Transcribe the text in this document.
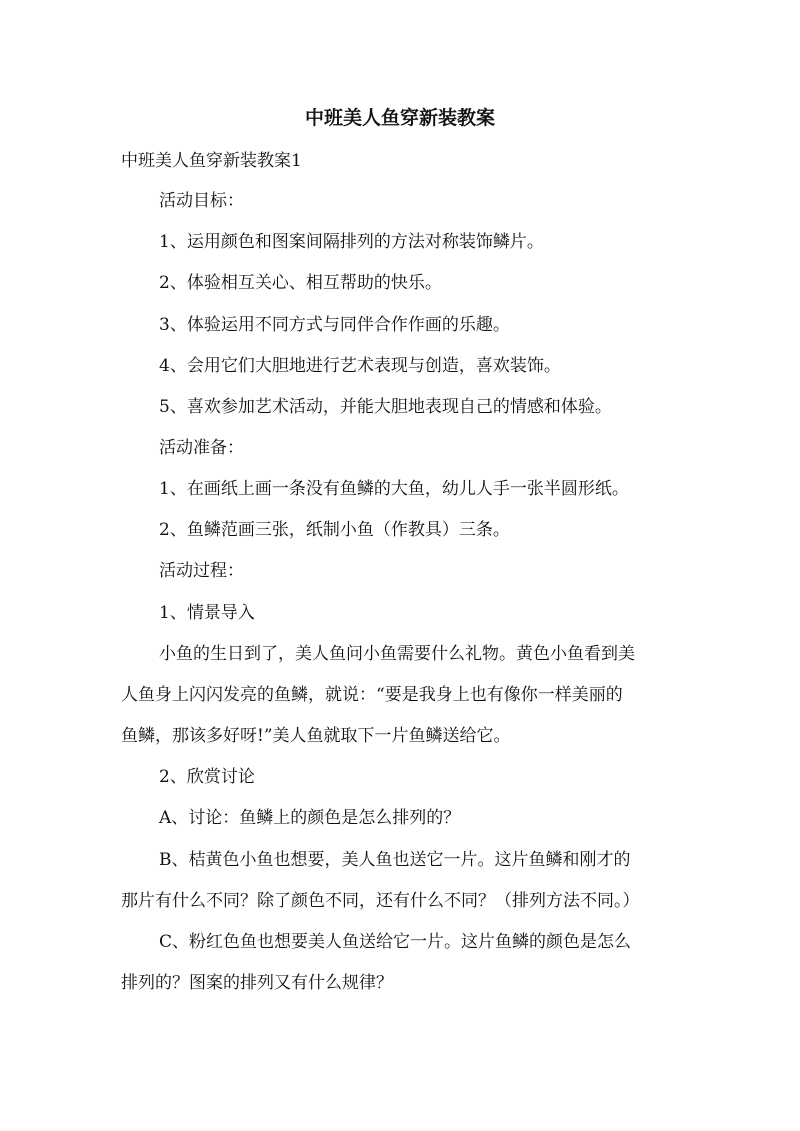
中班美人鱼穿新装教案
中班美人鱼穿新装教案1
活动目标：
1、运用颜色和图案间隔排列的方法对称装饰鳞片。
2、体验相互关心、相互帮助的快乐。
3、体验运用不同方式与同伴合作作画的乐趣。
4、会用它们大胆地进行艺术表现与创造，喜欢装饰。
5、喜欢参加艺术活动，并能大胆地表现自己的情感和体验。
活动准备：
1、在画纸上画一条没有鱼鳞的大鱼，幼儿人手一张半圆形纸。
2、鱼鳞范画三张，纸制小鱼（作教具）三条。
活动过程：
1、情景导入
小鱼的生日到了，美人鱼问小鱼需要什么礼物。黄色小鱼看到美
人鱼身上闪闪发亮的鱼鳞，就说：“要是我身上也有像你一样美丽的
鱼鳞，那该多好呀!”美人鱼就取下一片鱼鳞送给它。
2、欣赏讨论
A、讨论：鱼鳞上的颜色是怎么排列的？
B、桔黄色小鱼也想要，美人鱼也送它一片。这片鱼鳞和刚才的
那片有什么不同？除了颜色不同，还有什么不同？（排列方法不同。）
C、粉红色鱼也想要美人鱼送给它一片。这片鱼鳞的颜色是怎么
排列的？图案的排列又有什么规律？
